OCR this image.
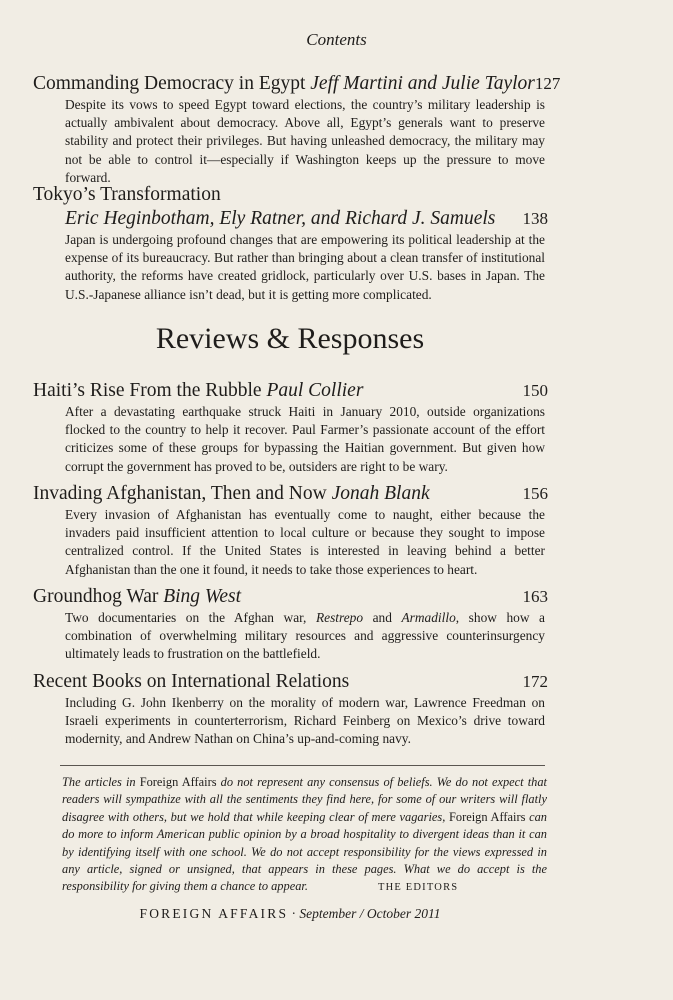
Contents
Commanding Democracy in Egypt Jeff Martini and Julie Taylor 127
Despite its vows to speed Egypt toward elections, the country’s military leadership is actually ambivalent about democracy. Above all, Egypt’s generals want to preserve stability and protect their privileges. But having unleashed democracy, the military may not be able to control it—especially if Washington keeps up the pressure to move forward.
Tokyo’s Transformation
Eric Heginbotham, Ely Ratner, and Richard J. Samuels 138
Japan is undergoing profound changes that are empowering its political leadership at the expense of its bureaucracy. But rather than bringing about a clean transfer of institutional authority, the reforms have created gridlock, particularly over U.S. bases in Japan. The U.S.-Japanese alliance isn’t dead, but it is getting more complicated.
Reviews & Responses
Haiti’s Rise From the Rubble Paul Collier	150
After a devastating earthquake struck Haiti in January 2010, outside organizations flocked to the country to help it recover. Paul Farmer’s passionate account of the effort criticizes some of these groups for bypassing the Haitian government. But given how corrupt the government has proved to be, outsiders are right to be wary.
Invading Afghanistan, Then and Now Jonah Blank	156
Every invasion of Afghanistan has eventually come to naught, either because the invaders paid insufficient attention to local culture or because they sought to impose centralized control. If the United States is interested in leaving behind a better Afghanistan than the one it found, it needs to take those experiences to heart.
Groundhog War Bing West	163
Two documentaries on the Afghan war, Restrepo and Armadillo, show how a combination of overwhelming military resources and aggressive counterinsurgency ultimately leads to frustration on the battlefield.
Recent Books on International Relations	172
Including G. John Ikenberry on the morality of modern war, Lawrence Freedman on Israeli experiments in counterterrorism, Richard Feinberg on Mexico’s drive toward modernity, and Andrew Nathan on China’s up-and-coming navy.
The articles in Foreign Affairs do not represent any consensus of beliefs. We do not expect that readers will sympathize with all the sentiments they find here, for some of our writers will flatly disagree with others, but we hold that while keeping clear of mere vagaries, Foreign Affairs can do more to inform American public opinion by a broad hospitality to divergent ideas than it can by identifying itself with one school. We do not accept responsibility for the views expressed in any article, signed or unsigned, that appears in these pages. What we do accept is the responsibility for giving them a chance to appear.	THE EDITORS
FOREIGN AFFAIRS · September / October 2011
